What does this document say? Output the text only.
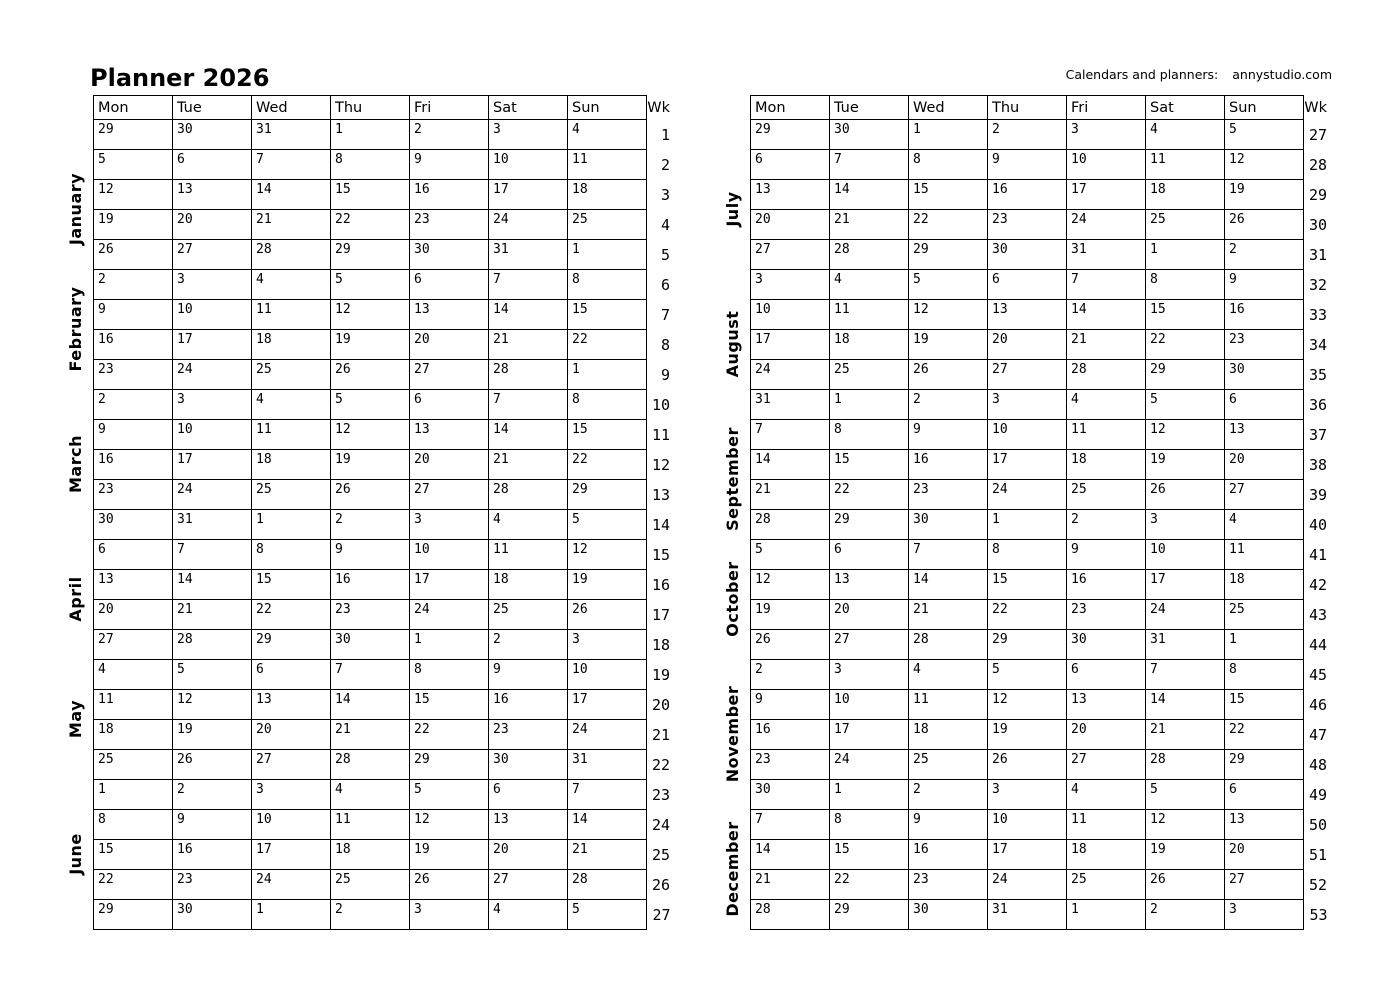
Planner 2026	Calendars and planners: annystudio.com
Mon	Tue	Wed	Thu	Fri	Sat	Sun	Wk
29	30	31	1	2	3	4	1
5	6	7	8	9	10	11	2
12	13	14	15	16	17	18	3
19	20	21	22	23	24	25	4
26	27	28	29	30	31	1	5
2	3	4	5	6	7	8	6
9	10	11	12	13	14	15	7
16	17	18	19	20	21	22	8
23	24	25	26	27	28	1	9
2	3	4	5	6	7	8	10
9	10	11	12	13	14	15	11
16	17	18	19	20	21	22	12
23	24	25	26	27	28	29	13
30	31	1	2	3	4	5	14
6	7	8	9	10	11	12	15
13	14	15	16	17	18	19	16
20	21	22	23	24	25	26	17
27	28	29	30	1	2	3	18
4	5	6	7	8	9	10	19
11	12	13	14	15	16	17	20
18	19	20	21	22	23	24	21
25	26	27	28	29	30	31	22
1	2	3	4	5	6	7	23
8	9	10	11	12	13	14	24
15	16	17	18	19	20	21	25
22	23	24	25	26	27	28	26
29	30	1	2	3	4	5	27
January
February
March
April
May
June
Mon	Tue	Wed	Thu	Fri	Sat	Sun	Wk
29	30	1	2	3	4	5	27
6	7	8	9	10	11	12	28
13	14	15	16	17	18	19	29
20	21	22	23	24	25	26	30
27	28	29	30	31	1	2	31
3	4	5	6	7	8	9	32
10	11	12	13	14	15	16	33
17	18	19	20	21	22	23	34
24	25	26	27	28	29	30	35
31	1	2	3	4	5	6	36
7	8	9	10	11	12	13	37
14	15	16	17	18	19	20	38
21	22	23	24	25	26	27	39
28	29	30	1	2	3	4	40
5	6	7	8	9	10	11	41
12	13	14	15	16	17	18	42
19	20	21	22	23	24	25	43
26	27	28	29	30	31	1	44
2	3	4	5	6	7	8	45
9	10	11	12	13	14	15	46
16	17	18	19	20	21	22	47
23	24	25	26	27	28	29	48
30	1	2	3	4	5	6	49
7	8	9	10	11	12	13	50
14	15	16	17	18	19	20	51
21	22	23	24	25	26	27	52
28	29	30	31	1	2	3	53
July
August
September
October
November
December
